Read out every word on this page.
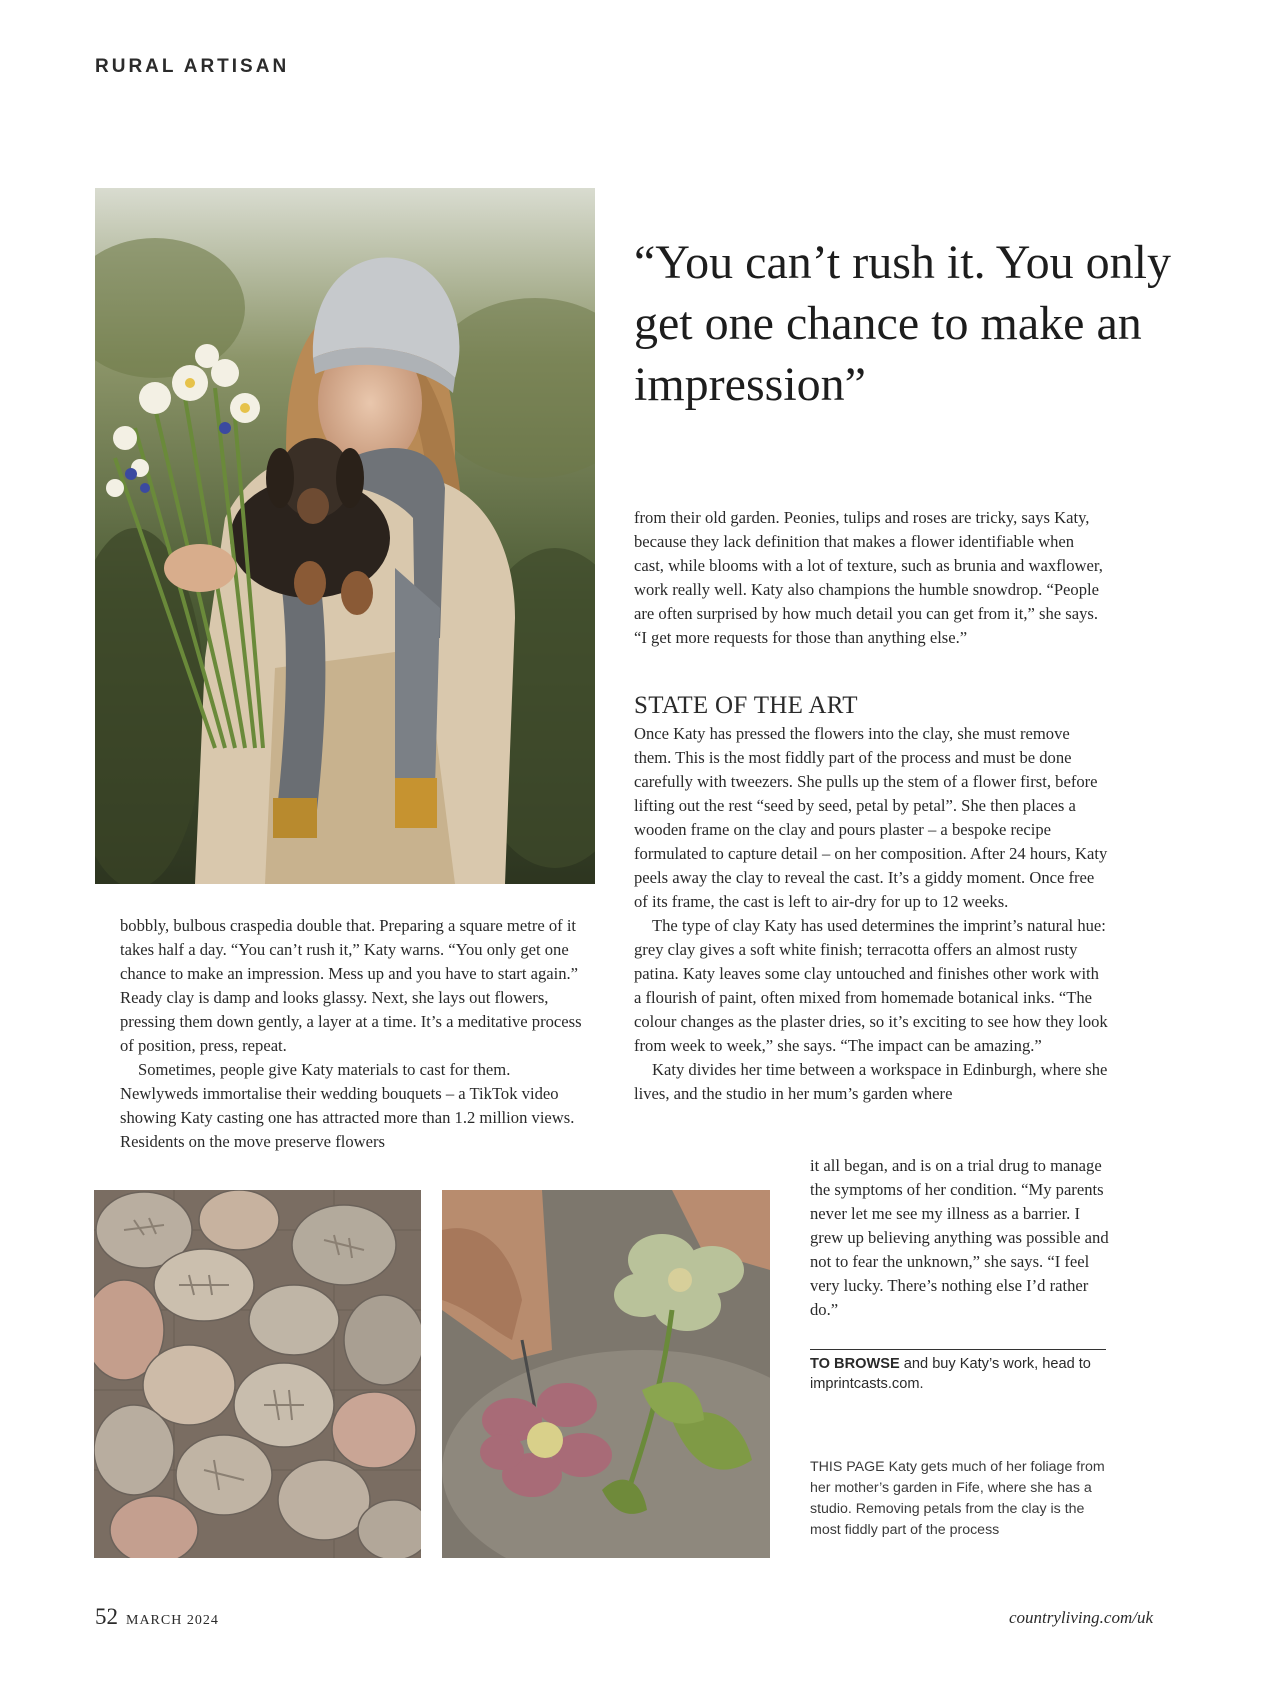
RURAL ARTISAN
“You can’t rush it. You only get one chance to make an impression”

from their old garden. Peonies, tulips and roses are tricky, says Katy, because they lack definition that makes a flower identifiable when cast, while blooms with a lot of texture, such as brunia and waxflower, work really well. Katy also champions the humble snowdrop. “People are often surprised by how much detail you can get from it,” she says. “I get more requests for those than anything else.”

STATE OF THE ART

Once Katy has pressed the flowers into the clay, she must remove them. This is the most fiddly part of the process and must be done carefully with tweezers. She pulls up the stem of a flower first, before lifting out the rest “seed by seed, petal by petal”. She then places a wooden frame on the clay and pours plaster – a bespoke recipe formulated to capture detail – on her composition. After 24 hours, Katy peels away the clay to reveal the cast. It’s a giddy moment. Once free of its frame, the cast is left to air-dry for up to 12 weeks.

The type of clay Katy has used determines the imprint’s natural hue: grey clay gives a soft white finish; terracotta offers an almost rusty patina. Katy leaves some clay untouched and finishes other work with a flourish of paint, often mixed from homemade botanical inks. “The colour changes as the plaster dries, so it’s exciting to see how they look from week to week,” she says. “The impact can be amazing.”

Katy divides her time between a workspace in Edinburgh, where she lives, and the studio in her mum’s garden where

bobbly, bulbous craspedia double that. Preparing a square metre of it takes half a day. “You can’t rush it,” Katy warns. “You only get one chance to make an impression. Mess up and you have to start again.” Ready clay is damp and looks glassy. Next, she lays out flowers, pressing them down gently, a layer at a time. It’s a meditative process of position, press, repeat.

Sometimes, people give Katy materials to cast for them. Newlyweds immortalise their wedding bouquets – a TikTok video showing Katy casting one has attracted more than 1.2 million views. Residents on the move preserve flowers

it all began, and is on a trial drug to manage the symptoms of her condition. “My parents never let me see my illness as a barrier. I grew up believing anything was possible and not to fear the unknown,” she says. “I feel very lucky. There’s nothing else I’d rather do.”

TO BROWSE and buy Katy’s work, head to imprintcasts.com.
THIS PAGE Katy gets much of her foliage from her mother’s garden in Fife, where she has a studio. Removing petals from the clay is the most fiddly part of the process
52 MARCH 2024	countryliving.com/uk
